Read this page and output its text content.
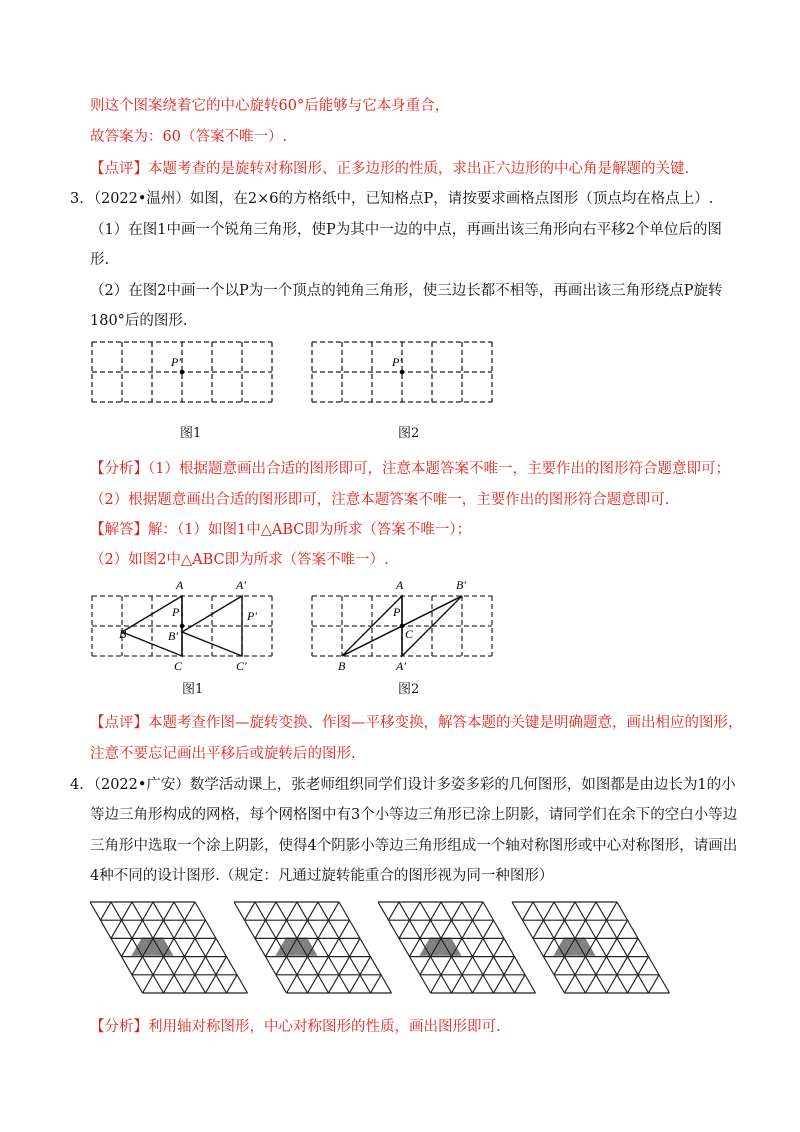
则这个图案绕着它的中心旋转60°后能够与它本身重合，
故答案为：60（答案不唯一）.
【点评】本题考查的是旋转对称图形、正多边形的性质，求出正六边形的中心角是解题的关键.
3．（2022•温州）如图，在2×6的方格纸中，已知格点P，请按要求画格点图形（顶点均在格点上）.
（1）在图1中画一个锐角三角形，使P为其中一边的中点，再画出该三角形向右平移2个单位后的图
形.
（2）在图2中画一个以P为一个顶点的钝角三角形，使三边长都不相等，再画出该三角形绕点P旋转
180°后的图形.
P′	P′
图1	图2
【分析】（1）根据题意画出合适的图形即可，注意本题答案不唯一，主要作出的图形符合题意即可；
（2）根据题意画出合适的图形即可，注意本题答案不唯一，主要作出的图形符合题意即可.
【解答】解：（1）如图1中△ABC即为所求（答案不唯一）；
（2）如图2中△ABC即为所求（答案不唯一）.
A	A′
P	P′
B	B′
C	C′
A	B′
P
C
B	A′
图1	图2
【点评】本题考查作图—旋转变换、作图—平移变换，解答本题的关键是明确题意，画出相应的图形，
注意不要忘记画出平移后或旋转后的图形.
4．（2022•广安）数学活动课上，张老师组织同学们设计多姿多彩的几何图形，如图都是由边长为1的小
等边三角形构成的网格，每个网格图中有3个小等边三角形已涂上阴影，请同学们在余下的空白小等边
三角形中选取一个涂上阴影，使得4个阴影小等边三角形组成一个轴对称图形或中心对称图形，请画出
4种不同的设计图形.（规定：凡通过旋转能重合的图形视为同一种图形）
【分析】利用轴对称图形，中心对称图形的性质，画出图形即可.
